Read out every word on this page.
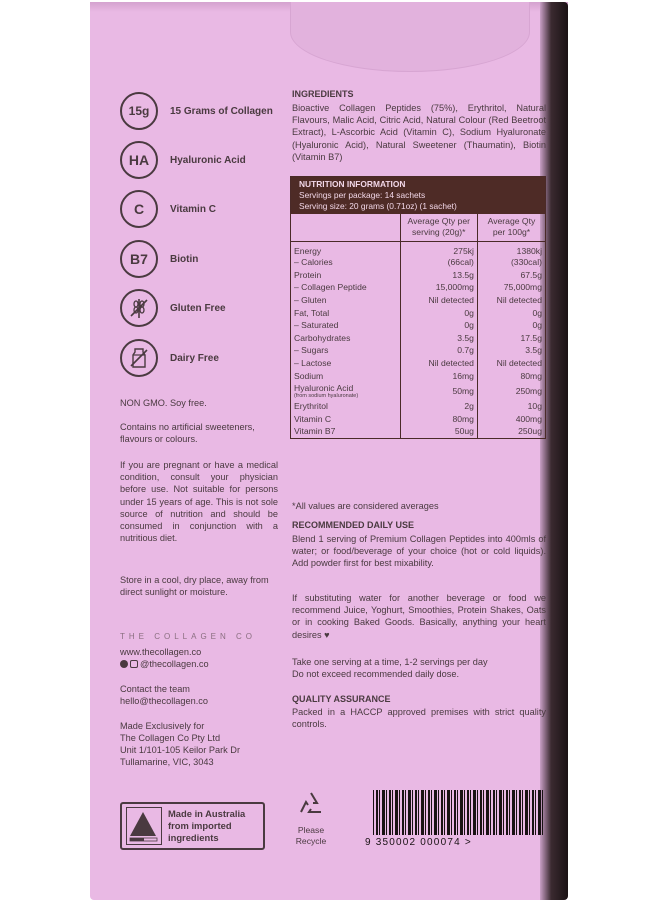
15g 15 Grams of Collagen
HA Hyaluronic Acid
C	Vitamin C
B7 Biotin
Gluten Free
Dairy Free
NON GMO. Soy free.
Contains no artificial sweeteners, flavours or colours.
If you are pregnant or have a medical condition, consult your physician before use. Not suitable for persons under 15 years of age. This is not sole source of nutrition and should be consumed in conjunction with a nutritious diet.
Store in a cool, dry place, away from direct sunlight or moisture.
THE COLLAGEN CO
www.thecollagen.co
@thecollagen.co
Contact the team
hello@thecollagen.co
Made Exclusively for
The Collagen Co Pty Ltd
Unit 1/101-105 Keilor Park Dr
Tullamarine, VIC, 3043
Made in Australia
from imported
ingredients
INGREDIENTS
Bioactive Collagen Peptides (75%), Erythritol, Natural Flavours, Malic Acid, Citric Acid, Natural Colour (Red Beetroot Extract), L-Ascorbic Acid (Vitamin C), Sodium Hyaluronate (Hyaluronic Acid), Natural Sweetener (Thaumatin), Biotin (Vitamin B7)
NUTRITION INFORMATION
Servings per package: 14 sachets
Serving size: 20 grams (0.71oz) (1 sachet)
	Average Qty per serving (20g)*	Average Qty per 100g*
Energy	275kj	1380kj
– Calories	(66cal)	(330cal)
Protein	13.5g	67.5g
– Collagen Peptide	15,000mg	75,000mg
– Gluten	Nil detected	Nil detected
Fat, Total	0g	0g
– Saturated	0g	0g
Carbohydrates	3.5g	17.5g
– Sugars	0.7g	3.5g
– Lactose	Nil detected	Nil detected
Sodium	16mg	80mg
Hyaluronic Acid
(from sodium hyaluronate)	50mg	250mg
Erythritol	2g	10g
Vitamin C	80mg	400mg
Vitamin B7	50ug	250ug
*All values are considered averages
RECOMMENDED DAILY USE
Blend 1 serving of Premium Collagen Peptides into 400mls of water; or food/beverage of your choice (hot or cold liquids). Add powder first for best mixability.
If substituting water for another beverage or food we recommend Juice, Yoghurt, Smoothies, Protein Shakes, Oats or in cooking Baked Goods. Basically, anything your heart desires ♥
Take one serving at a time, 1-2 servings per day
Do not exceed recommended daily dose.
QUALITY ASSURANCE
Packed in a HACCP approved premises with strict quality controls.
Please
Recycle	9 350002 000074 >
